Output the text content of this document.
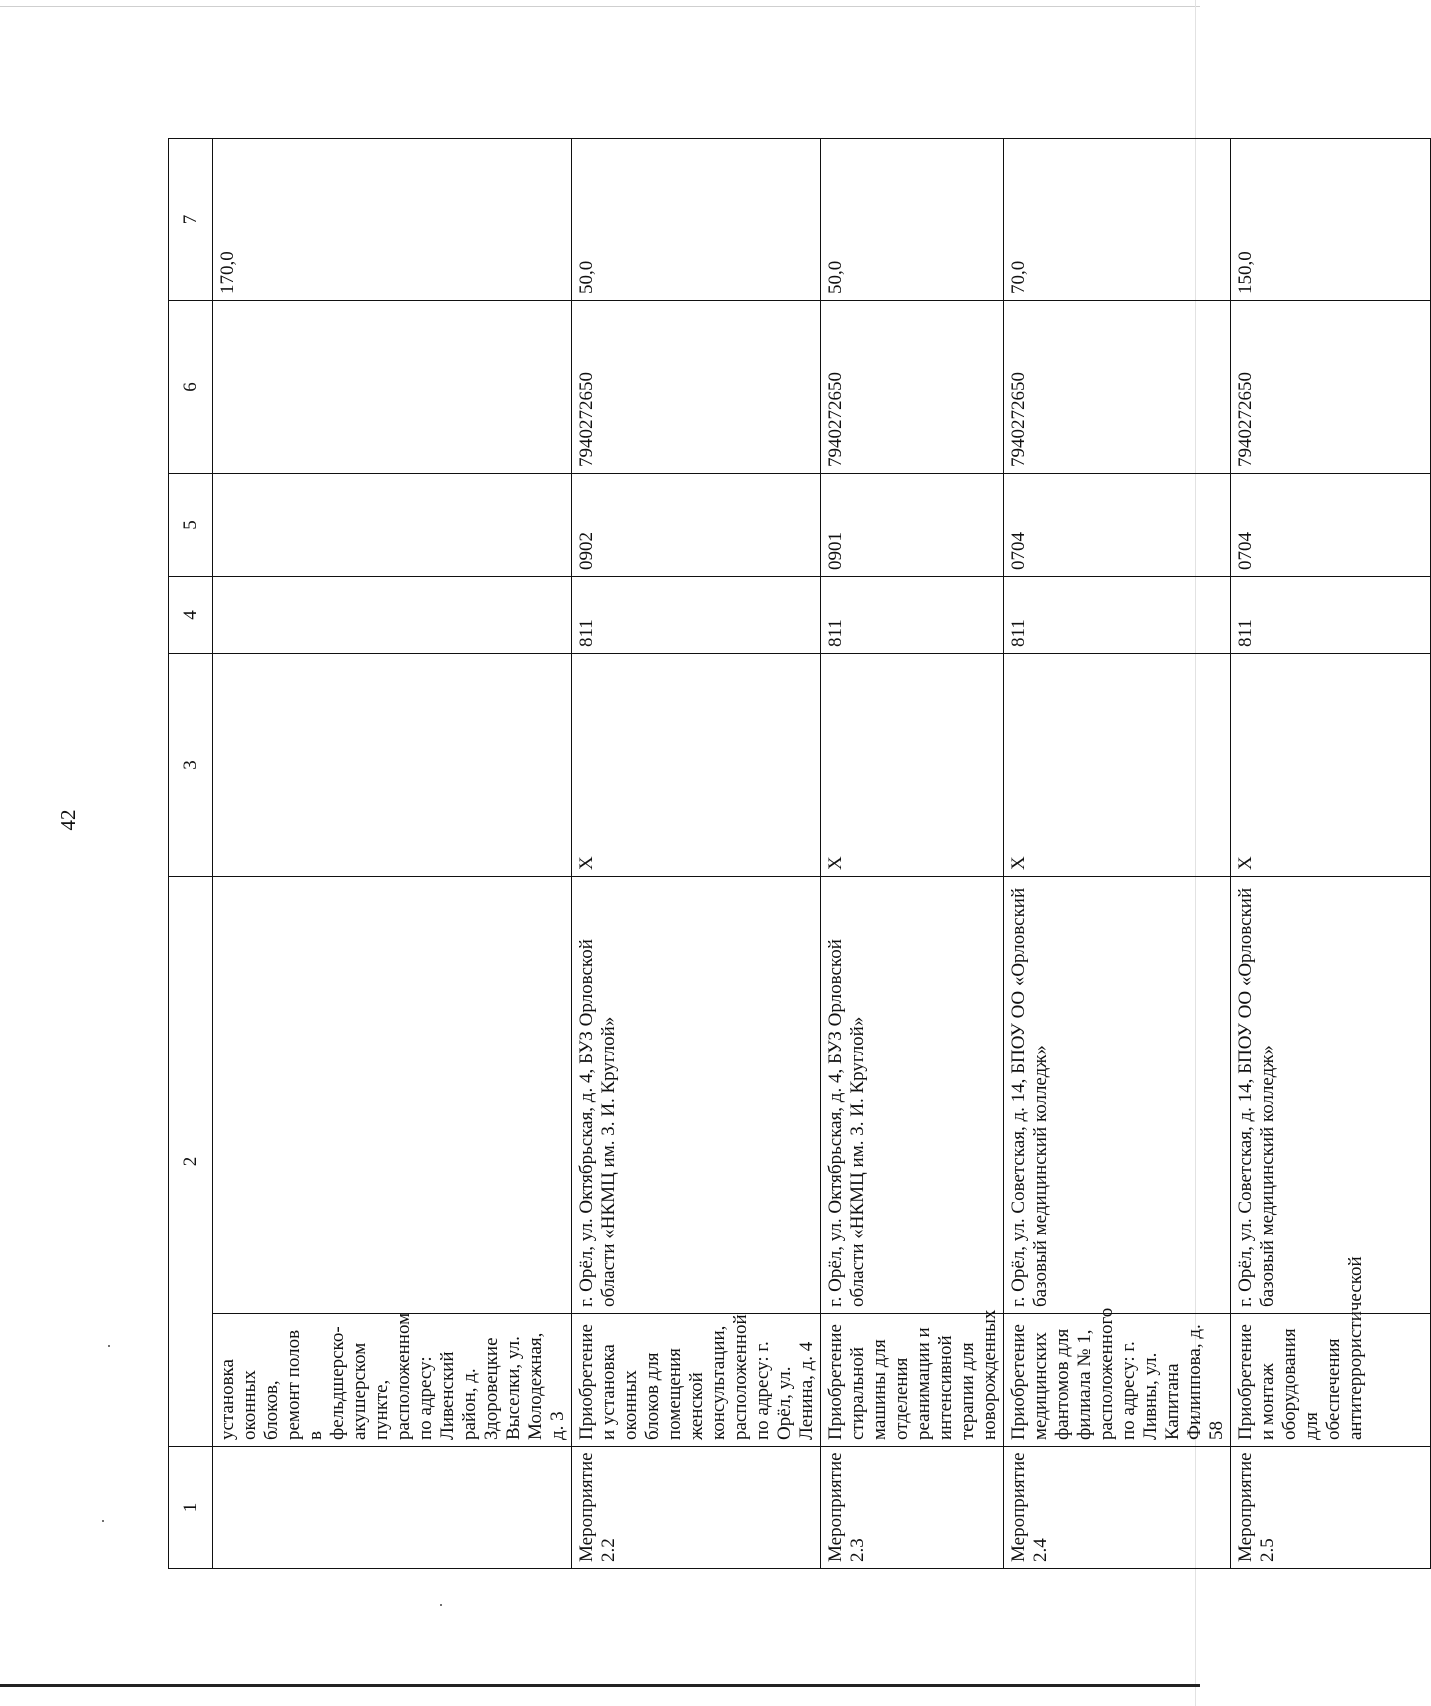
42
1	2		3	4	5	6	7
	установка оконных блоков, ремонт полов в фельдшерско-акушерском пункте, расположенном по адресу: Ливенский район, д. Здоровецкие Выселки, ул. Молодежная, д. 3						170,0
Мероприятие 2.2	Приобретение и установка оконных блоков для помещения женской консультации, расположенной по адресу: г. Орёл, ул. Ленина, д. 4	г. Орёл, ул. Октябрьская, д. 4, БУЗ Орловской области «НКМЦ им. З. И. Круглой»	X	811	0902	7940272650	50,0
Мероприятие 2.3	Приобретение стиральной машины для отделения реанимации и интенсивной терапии для новорожденных	г. Орёл, ул. Октябрьская, д. 4, БУЗ Орловской области «НКМЦ им. З. И. Круглой»	X	811	0901	7940272650	50,0
Мероприятие 2.4	Приобретение медицинских фантомов для филиала № 1, расположенного по адресу: г. Ливны, ул. Капитана Филиппова, д. 58	г. Орёл, ул. Советская, д. 14, БПОУ ОО «Орловский базовый медицинский колледж»	X	811	0704	7940272650	70,0
Мероприятие 2.5	Приобретение и монтаж оборудования для обеспечения антитеррористической	г. Орёл, ул. Советская, д. 14, БПОУ ОО «Орловский базовый медицинский колледж»	X	811	0704	7940272650	150,0
